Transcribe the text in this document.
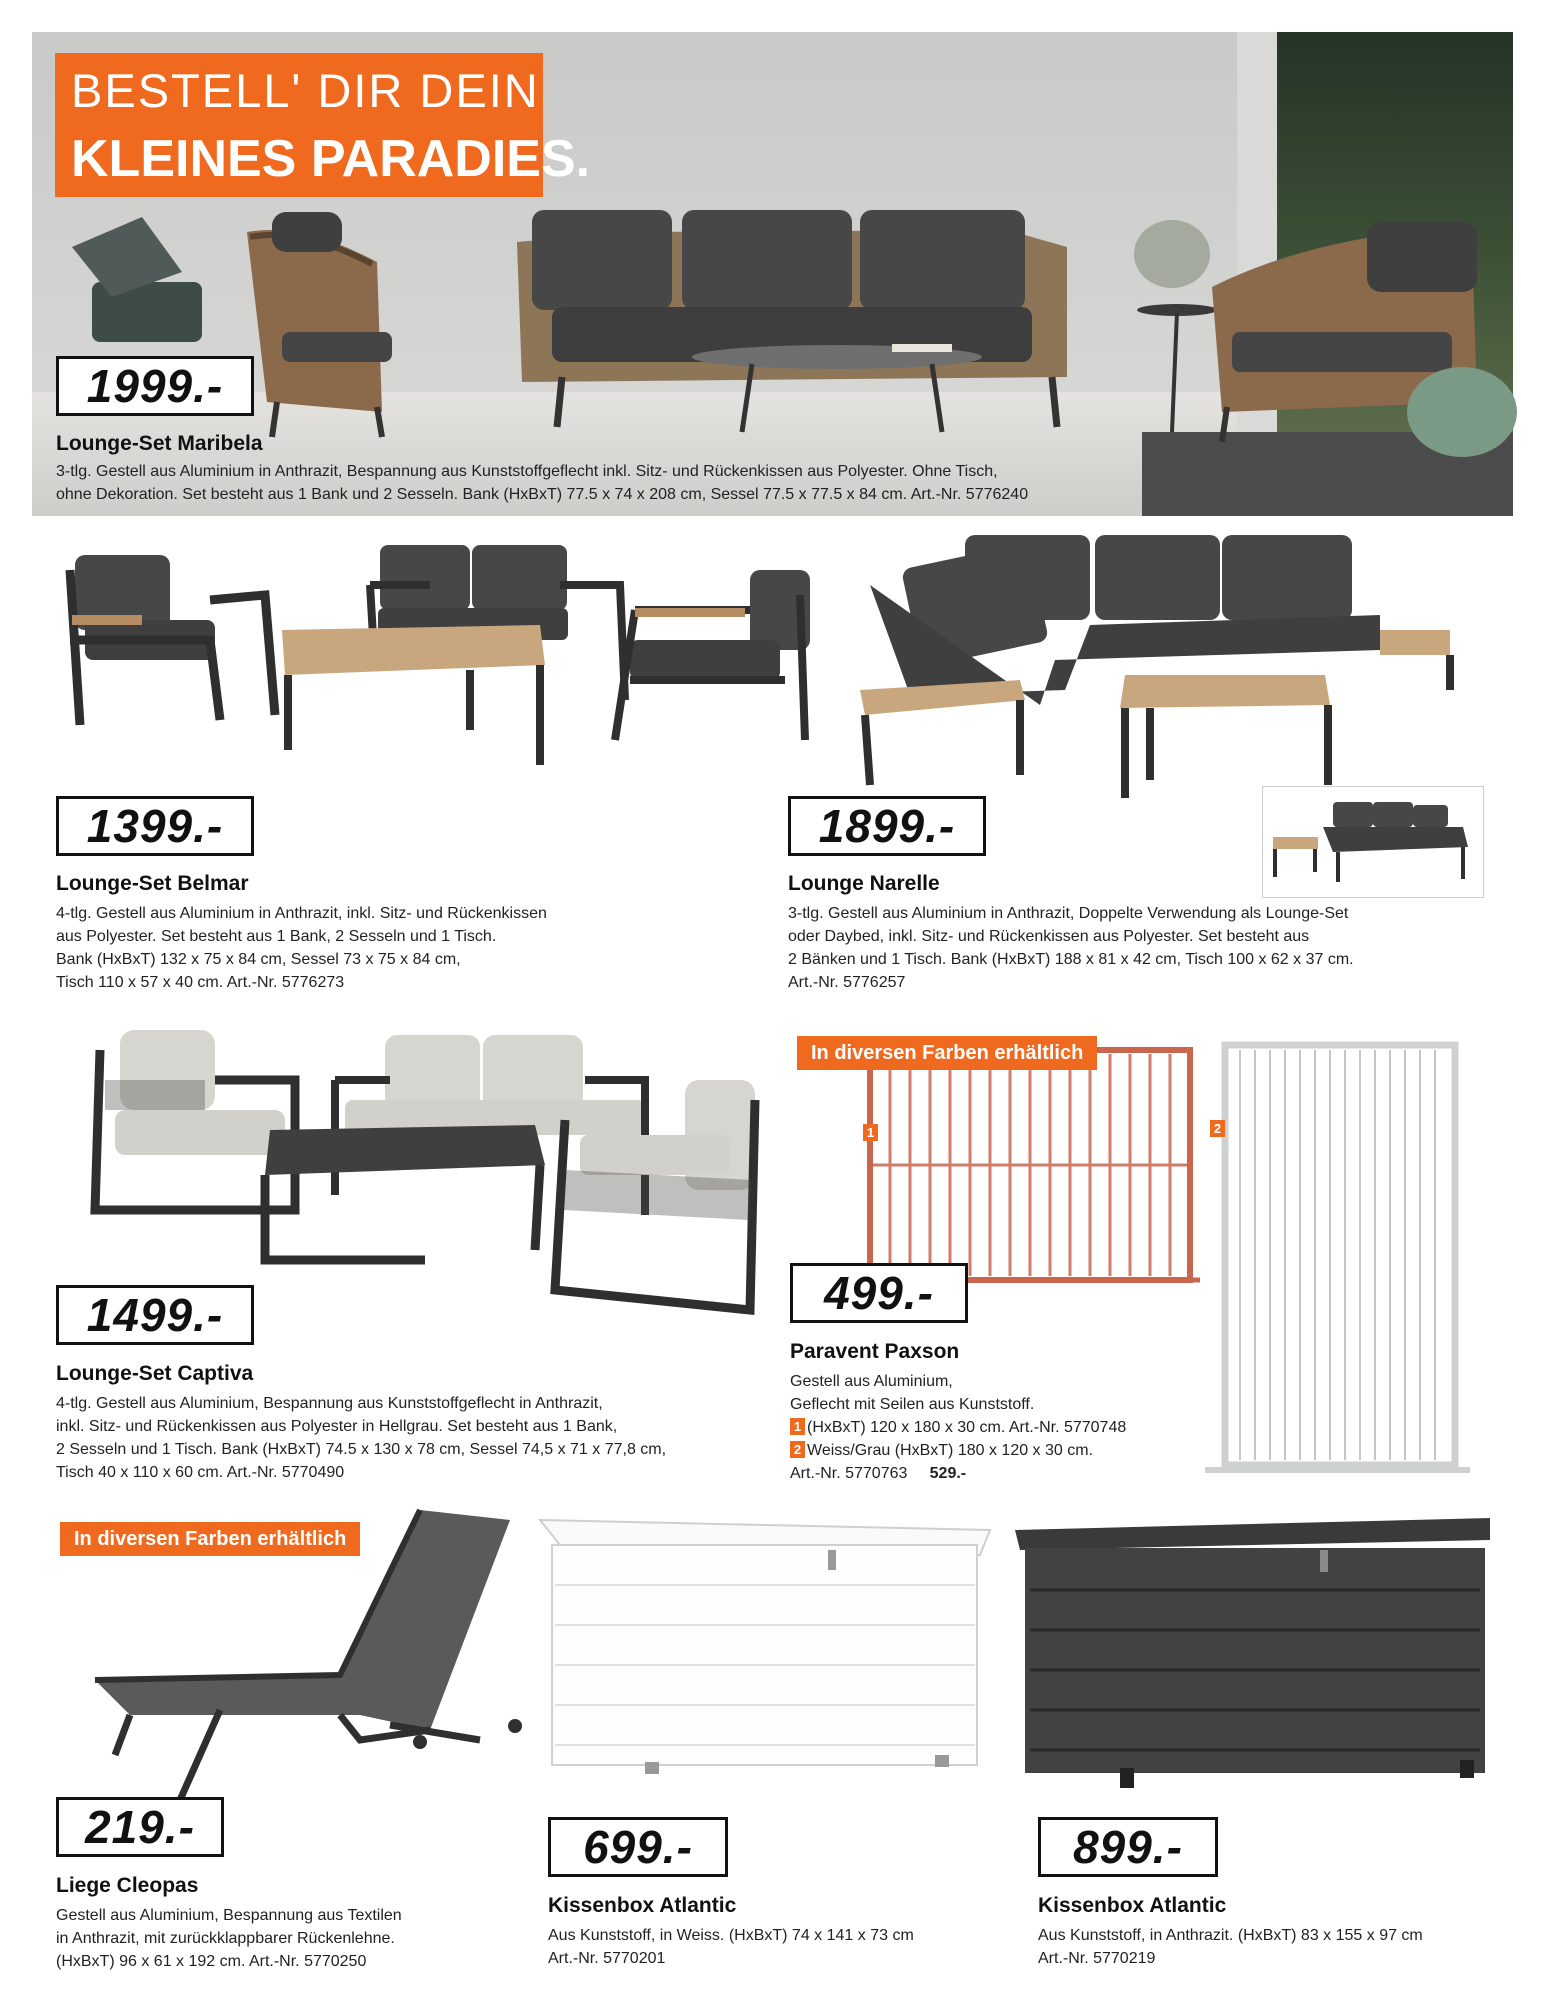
BESTELL' DIR DEIN
KLEINES PARADIES.
1999.-
Lounge-Set Maribela
3-tlg. Gestell aus Aluminium in Anthrazit, Bespannung aus Kunststoffgeflecht inkl. Sitz- und Rückenkissen aus Polyester. Ohne Tisch,
ohne Dekoration. Set besteht aus 1 Bank und 2 Sesseln. Bank (HxBxT) 77.5 x 74 x 208 cm, Sessel 77.5 x 77.5 x 84 cm. Art.-Nr. 5776240
1399.-
Lounge-Set Belmar
4-tlg. Gestell aus Aluminium in Anthrazit, inkl. Sitz- und Rückenkissen
aus Polyester. Set besteht aus 1 Bank, 2 Sesseln und 1 Tisch.
Bank (HxBxT) 132 x 75 x 84 cm, Sessel 73 x 75 x 84 cm,
Tisch 110 x 57 x 40 cm. Art.-Nr. 5776273
1899.-
Lounge Narelle
3-tlg. Gestell aus Aluminium in Anthrazit, Doppelte Verwendung als Lounge-Set
oder Daybed, inkl. Sitz- und Rückenkissen aus Polyester. Set besteht aus
2 Bänken und 1 Tisch. Bank (HxBxT) 188 x 81 x 42 cm, Tisch 100 x 62 x 37 cm.
Art.-Nr. 5776257
1499.-
Lounge-Set Captiva
4-tlg. Gestell aus Aluminium, Bespannung aus Kunststoffgeflecht in Anthrazit,
inkl. Sitz- und Rückenkissen aus Polyester in Hellgrau. Set besteht aus 1 Bank,
2 Sesseln und 1 Tisch. Bank (HxBxT) 74.5 x 130 x 78 cm, Sessel 74,5 x 71 x 77,8 cm,
Tisch 40 x 110 x 60 cm. Art.-Nr. 5770490
In diversen Farben erhältlich
1	2
499.-
Paravent Paxson
Gestell aus Aluminium,
Geflecht mit Seilen aus Kunststoff.
1 (HxBxT) 120 x 180 x 30 cm. Art.-Nr. 5770748
2 Weiss/Grau (HxBxT) 180 x 120 x 30 cm.
Art.-Nr. 5770763 529.-
In diversen Farben erhältlich
219.-
Liege Cleopas
Gestell aus Aluminium, Bespannung aus Textilen
in Anthrazit, mit zurückklappbarer Rückenlehne.
(HxBxT) 96 x 61 x 192 cm. Art.-Nr. 5770250
699.-
Kissenbox Atlantic
Aus Kunststoff, in Weiss. (HxBxT) 74 x 141 x 73 cm
Art.-Nr. 5770201
899.-
Kissenbox Atlantic
Aus Kunststoff, in Anthrazit. (HxBxT) 83 x 155 x 97 cm
Art.-Nr. 5770219
